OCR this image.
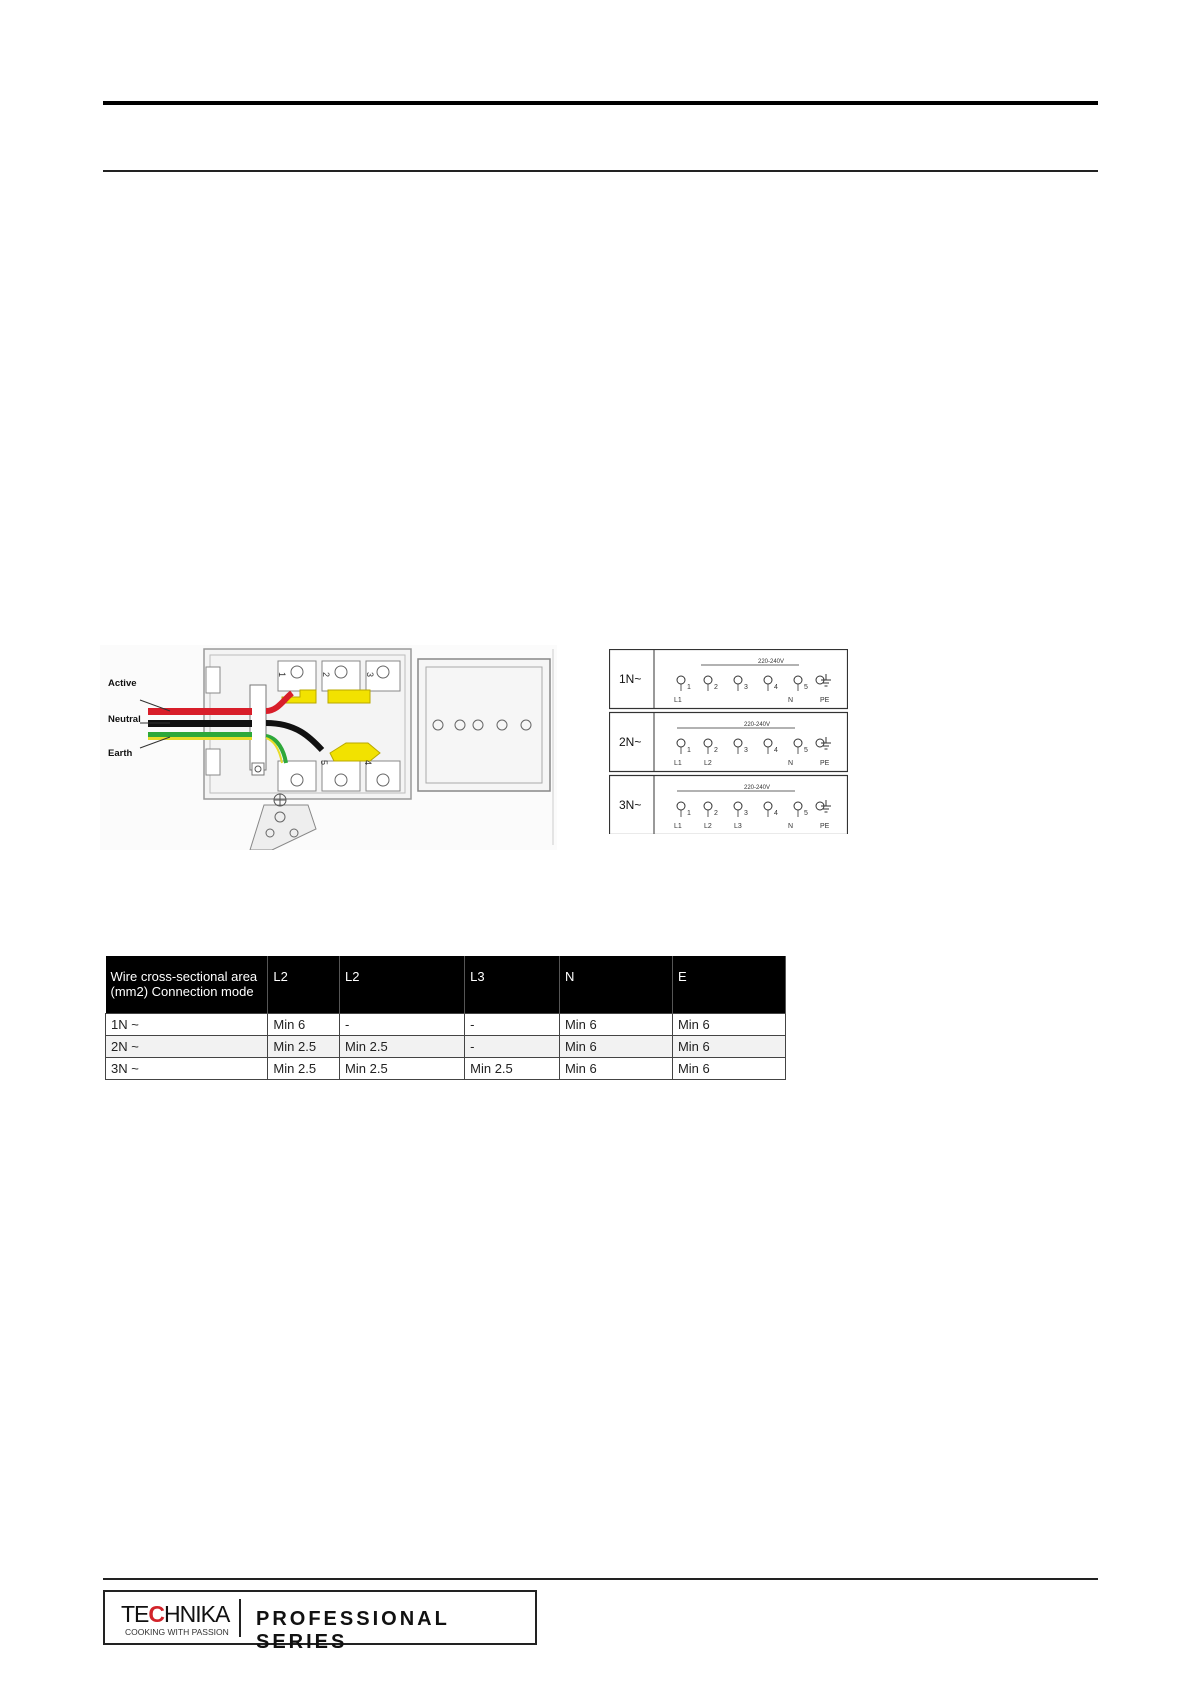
Active
Neutral
Earth
1	2	3
5	4
1N~
220-240V
1	2	3	4	5
L1	N	PE
2N~
220-240V
1	2	3	4	5
L1	L2	N	PE
3N~
220-240V
1	2	3	4	5
L1	L2	L3	N	PE
Wire cross-sectional area (mm2) Connection mode	L2	L2	L3	N	E
1N ~	Min 6	-	-	Min 6	Min 6
2N ~	Min 2.5	Min 2.5	-	Min 6	Min 6
3N ~	Min 2.5	Min 2.5	Min 2.5	Min 6	Min 6
TECHNIKA
COOKING WITH PASSION
PROFESSIONAL SERIES
